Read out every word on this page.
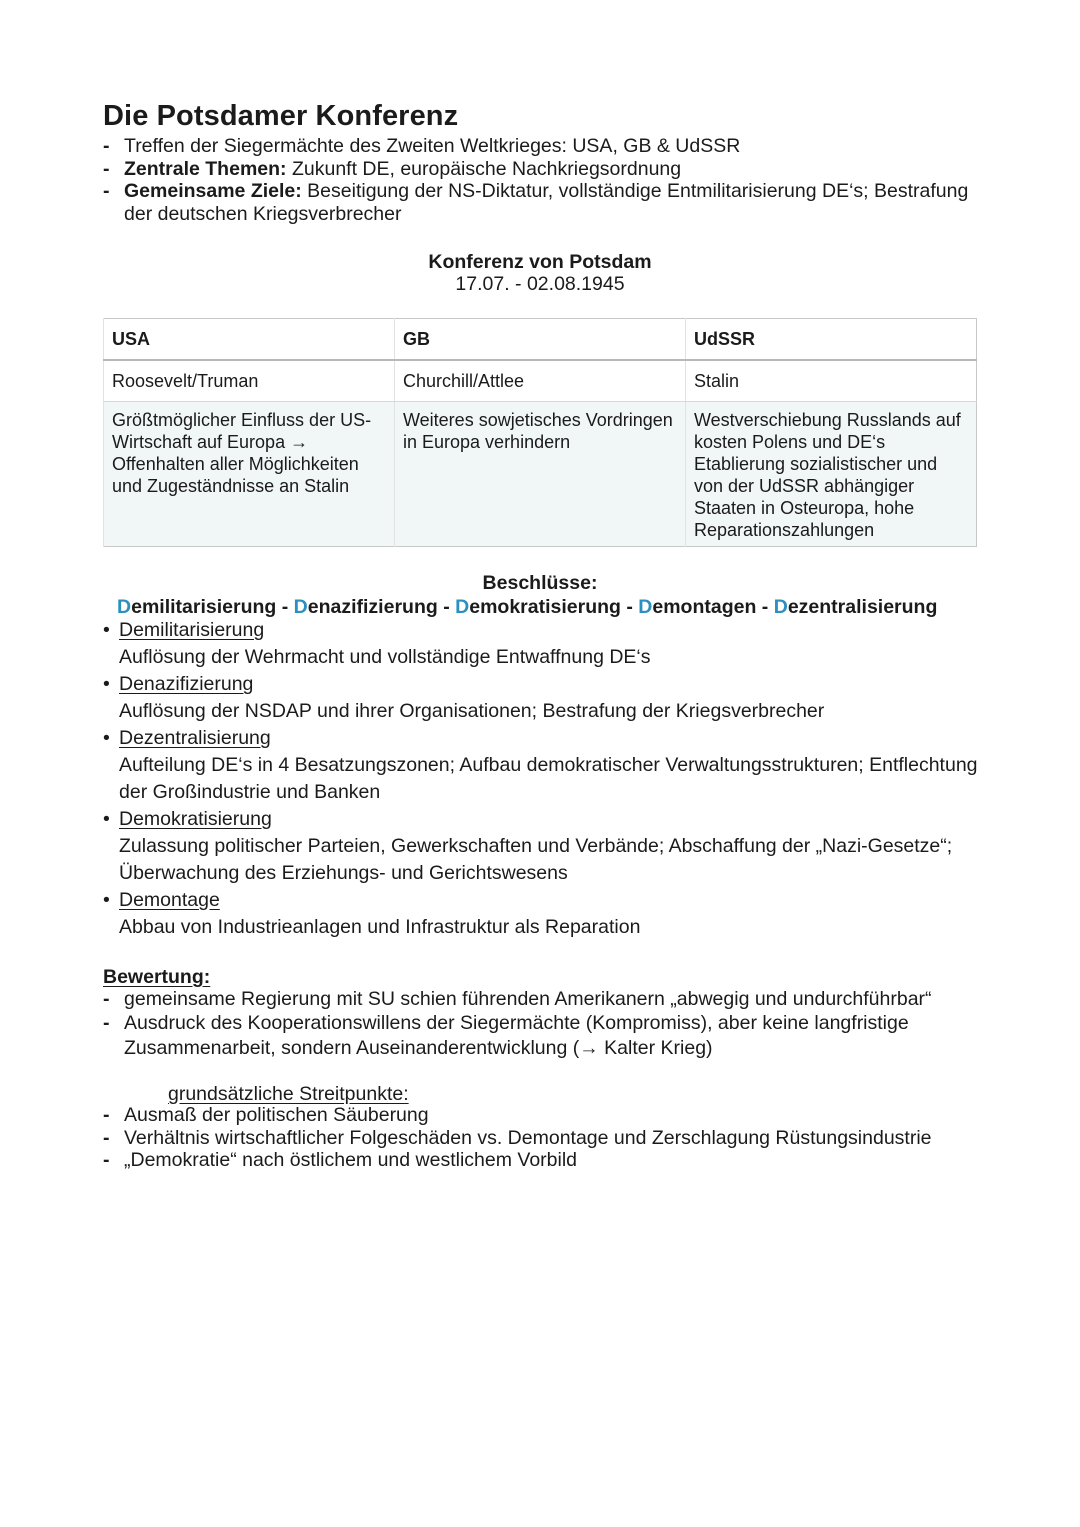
Die Potsdamer Konferenz
- Treffen der Siegermächte des Zweiten Weltkrieges: USA, GB & UdSSR
- Zentrale Themen: Zukunft DE, europäische Nachkriegsordnung
- Gemeinsame Ziele: Beseitigung der NS-Diktatur, vollständige Entmilitarisierung DE‘s; Bestrafung der deutschen Kriegsverbrecher
Konferenz von Potsdam
17.07. - 02.08.1945
USA	GB	UdSSR
Roosevelt/Truman	Churchill/Attlee	Stalin
Größtmöglicher Einfluss der US-Wirtschaft auf Europa → Offenhalten aller Möglichkeiten und Zugeständnisse an Stalin	Weiteres sowjetisches Vordringen in Europa verhindern	Westverschiebung Russlands auf kosten Polens und DE‘s Etablierung sozialistischer und von der UdSSR abhängiger Staaten in Osteuropa, hohe Reparationszahlungen
Beschlüsse:
Demilitarisierung - Denazifizierung - Demokratisierung - Demontagen - Dezentralisierung
• Demilitarisierung
Auflösung der Wehrmacht und vollständige Entwaffnung DE‘s
• Denazifizierung
Auflösung der NSDAP und ihrer Organisationen; Bestrafung der Kriegsverbrecher
• Dezentralisierung
Aufteilung DE‘s in 4 Besatzungszonen; Aufbau demokratischer Verwaltungsstrukturen; Entflechtung der Großindustrie und Banken
• Demokratisierung
Zulassung politischer Parteien, Gewerkschaften und Verbände; Abschaffung der „Nazi-Gesetze“; Überwachung des Erziehungs- und Gerichtswesens
• Demontage
Abbau von Industrieanlagen und Infrastruktur als Reparation
Bewertung:
- gemeinsame Regierung mit SU schien führenden Amerikanern „abwegig und undurchführbar“
- Ausdruck des Kooperationswillens der Siegermächte (Kompromiss), aber keine langfristige Zusammenarbeit, sondern Auseinanderentwicklung (→ Kalter Krieg)
grundsätzliche Streitpunkte:
- Ausmaß der politischen Säuberung
- Verhältnis wirtschaftlicher Folgeschäden vs. Demontage und Zerschlagung Rüstungsindustrie
- „Demokratie“ nach östlichem und westlichem Vorbild
